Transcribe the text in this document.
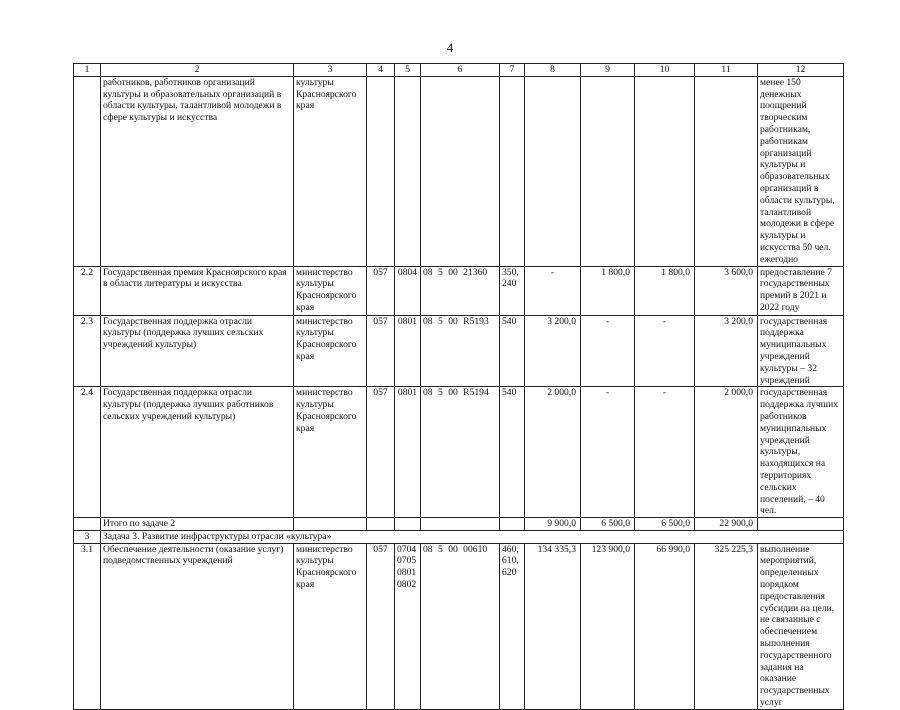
4
1	2	3	4	5	6	7	8	9	10	11	12
	работников, работников организаций культуры и образовательных организаций в области культуры, талантливой молодежи в сфере культуры и искусства	культуры Красноярского края									менее 150 денежных поощрений творческим работникам, работникам организаций культуры и образовательных организаций в области культуры, талантливой молодежи в сфере культуры и искусства 50 чел. ежегодно
2.2	Государственная премия Красноярского края в области литературы и искусства	министерство культуры Красноярского края	057	0804	08 5 00 21360	350, 240	-	1 800,0	1 800,0	3 600,0	предоставление 7 государственных премий в 2021 и 2022 году
2.3	Государственная поддержка отрасли культуры (поддержка лучших сельских учреждений культуры)	министерство культуры Красноярского края	057	0801	08 5 00 R5193	540	3 200,0	-	-	3 200,0	государственная поддержка муниципальных учреждений культуры – 32 учреждений
2.4	Государственная поддержка отрасли культуры (поддержка лучших работников сельских учреждений культуры)	министерство культуры Красноярского края	057	0801	08 5 00 R5194	540	2 000,0	-	-	2 000,0	государственная поддержка лучших работников муниципальных учреждений культуры, находящихся на территориях сельских поселений, – 40 чел.
	Итого по задаче 2						9 900,0	6 500,0	6 500,0	22 900,0	
3	Задача 3. Развитие инфраструктуры отрасли «культура»										
3.1	Обеспечение деятельности (оказание услуг) подведомственных учреждений	министерство культуры Красноярского края	057	0704 0705 0801 0802	08 5 00 00610	460, 610, 620	134 335,3	123 900,0	66 990,0	325 225,3	выполнение мероприятий, определенных порядком предоставления субсидии на цели, не связанные с обеспечением выполнения государственного задания на оказание государственных услуг
